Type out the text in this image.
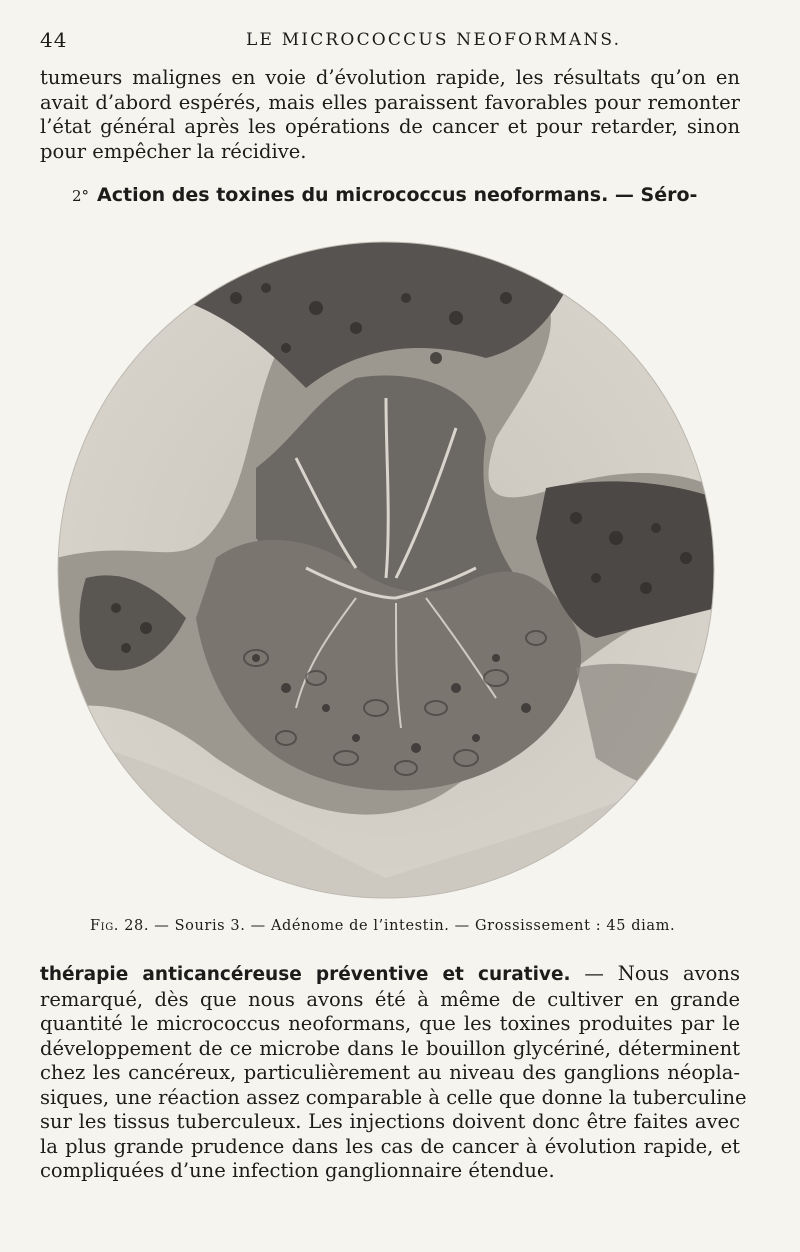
44	LE MICROCOCCUS NEOFORMANS.
tumeurs malignes en voie d’évolution rapide, les résultats qu’on en
avait d’abord espérés, mais elles paraissent favorables pour remonter
l’état général après les opérations de cancer et pour retarder, sinon
pour empêcher la récidive.
2° Action des toxines du micrococcus neoformans. — Séro-
Fig. 28. — Souris 3. — Adénome de l’intestin. — Grossissement : 45 diam.
thérapie anticancéreuse préventive et curative. — Nous avons
remarqué, dès que nous avons été à même de cultiver en grande
quantité le micrococcus neoformans, que les toxines produites par le
développement de ce microbe dans le bouillon glycériné, déterminent
chez les cancéreux, particulièrement au niveau des ganglions néopla-
siques, une réaction assez comparable à celle que donne la tuberculine
sur les tissus tuberculeux. Les injections doivent donc être faites avec
la plus grande prudence dans les cas de cancer à évolution rapide, et
compliquées d’une infection ganglionnaire étendue.
